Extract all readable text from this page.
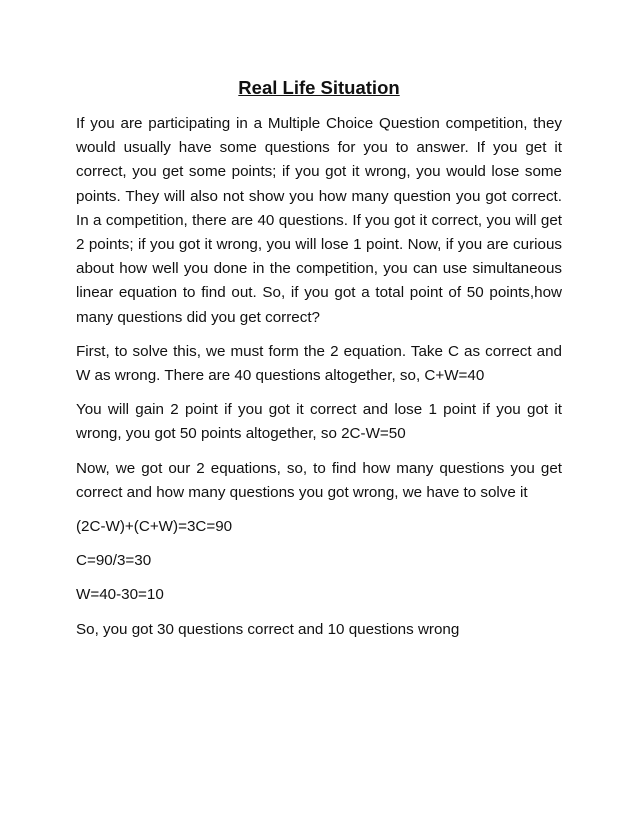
Real Life Situation

If you are participating in a Multiple Choice Question competition, they would usually have some questions for you to answer. If you get it correct, you get some points; if you got it wrong, you would lose some points. They will also not show you how many question you got correct. In a competition, there are 40 questions. If you got it correct, you will get 2 points; if you got it wrong, you will lose 1 point. Now, if you are curious about how well you done in the competition, you can use simultaneous linear equation to find out. So, if you got a total point of 50 points,how many questions did you get correct?

First, to solve this, we must form the 2 equation. Take C as correct and W as wrong. There are 40 questions altogether, so, C+W=40

You will gain 2 point if you got it correct and lose 1 point if you got it wrong, you got 50 points altogether, so 2C-W=50

Now, we got our 2 equations, so, to find how many questions you get correct and how many questions you got wrong, we have to solve it

(2C-W)+(C+W)=3C=90
C=90/3=30
W=40-30=10
So, you got 30 questions correct and 10 questions wrong
